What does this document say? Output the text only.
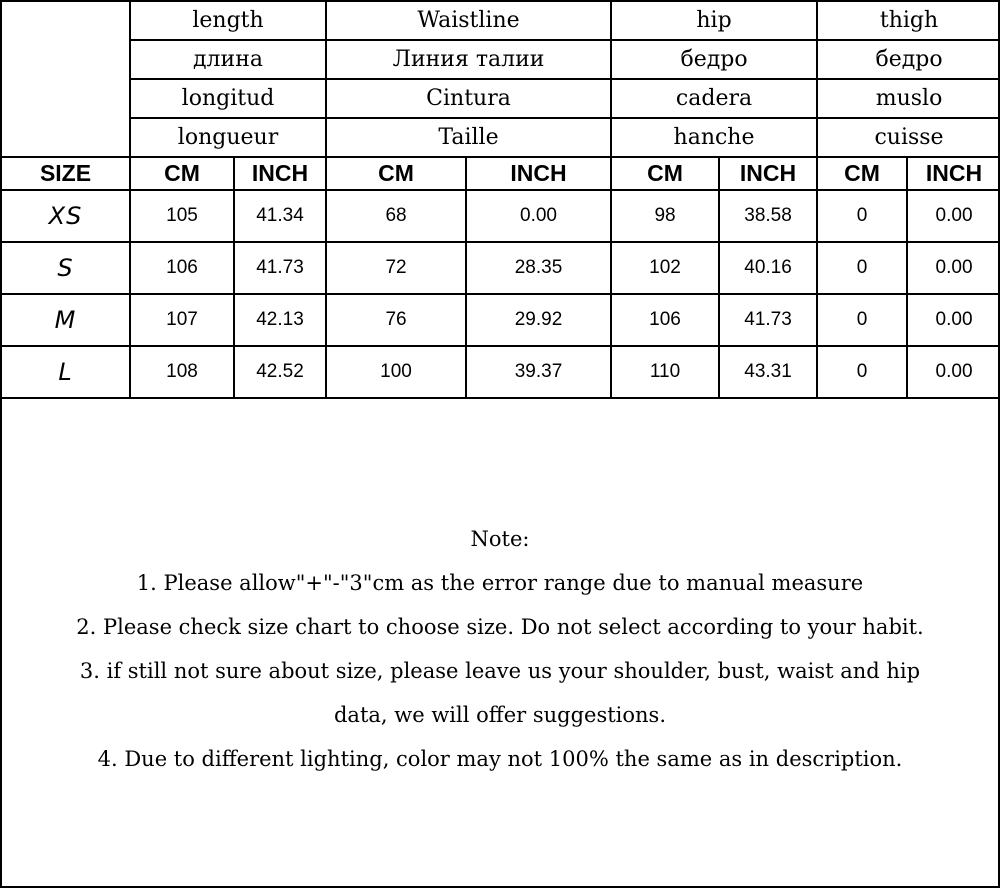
	length		Waistline		hip		thigh	
	длина		Линия талии		бедро		бедро	
	longitud		Cintura		cadera		muslo	
	longueur		Taille		hanche		cuisse	
SIZE	CM	INCH	CM	INCH	CM	INCH	CM	INCH
XS	105	41.34	68	0.00	98	38.58	0	0.00
S	106	41.73	72	28.35	102	40.16	0	0.00
M	107	42.13	76	29.92	106	41.73	0	0.00
L	108	42.52	100	39.37	110	43.31	0	0.00
Note:
1. Please allow"+"-"3"cm as the error range due to manual measure
2. Please check size chart to choose size. Do not select according to your habit.
3. if still not sure about size, please leave us your shoulder, bust, waist and hip
data, we will offer suggestions.
4. Due to different lighting, color may not 100% the same as in description.
